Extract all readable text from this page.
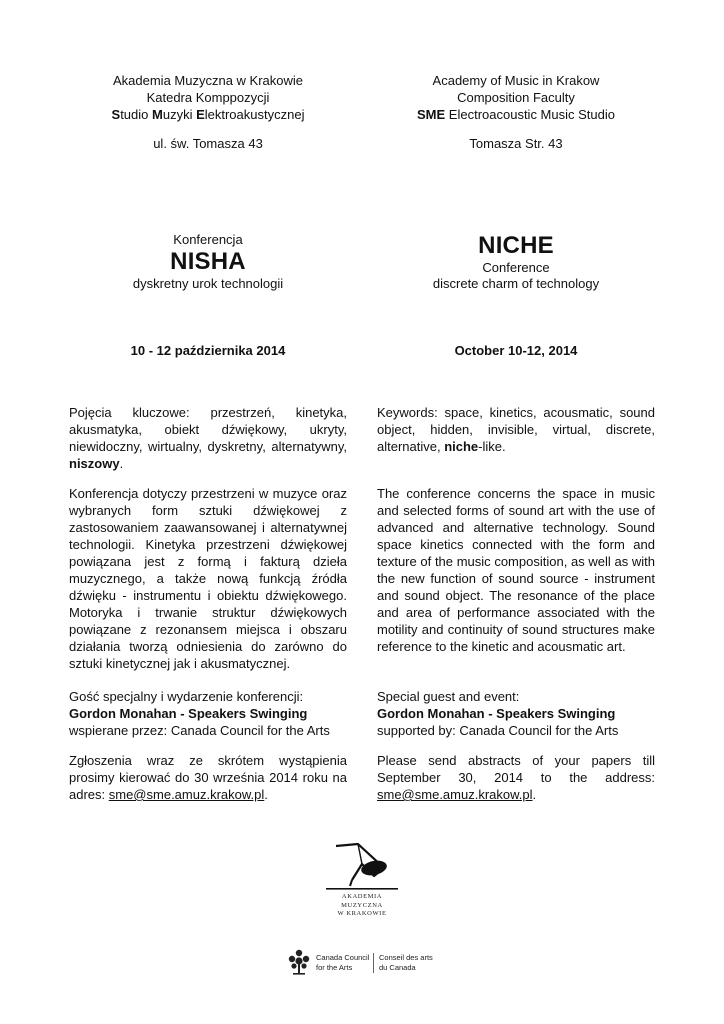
Akademia Muzyczna w Krakowie
Katedra Komppozycji
Studio Muzyki Elektroakustycznej
Academy of Music in Krakow
Composition Faculty
SME Electroacoustic Music Studio
ul. św. Tomasza 43	Tomasza Str. 43
Konferencja
NISHA
dyskretny urok technologii
NICHE
Conference
discrete charm of technology
10 - 12 października 2014	October 10-12, 2014

Pojęcia kluczowe: przestrzeń, kinetyka, akusmatyka, obiekt dźwiękowy, ukryty, niewidoczny, wirtualny, dyskretny, alternatywny, niszowy.

Konferencja dotyczy przestrzeni w muzyce oraz wybranych form sztuki dźwiękowej z zastosowaniem zaawansowanej i alternatywnej technologii. Kinetyka przestrzeni dźwiękowej powiązana jest z formą i fakturą dzieła muzycznego, a także nową funkcją źródła dźwięku - instrumentu i obiektu dźwiękowego. Motoryka i trwanie struktur dźwiękowych powiązane z rezonansem miejsca i obszaru działania tworzą odniesienia do zarówno do sztuki kinetycznej jak i akusmatycznej.

Gość specjalny i wydarzenie konferencji:
Gordon Monahan - Speakers Swinging
wspierane przez: Canada Council for the Arts

Zgłoszenia wraz ze skrótem wystąpienia prosimy kierować do 30 września 2014 roku na adres: sme@sme.amuz.krakow.pl.

Keywords: space, kinetics, acousmatic, sound object, hidden, invisible, virtual, discrete, alternative, niche-like.

The conference concerns the space in music and selected forms of sound art with the use of advanced and alternative technology. Sound space kinetics connected with the form and texture of the music composition, as well as with the new function of sound source - instrument and sound object. The resonance of the place and area of performance associated with the motility and continuity of sound structures make reference to the kinetic and acousmatic art.

Special guest and event:
Gordon Monahan - Speakers Swinging
supported by: Canada Council for the Arts

Please send abstracts of your papers till September 30, 2014 to the address: sme@sme.amuz.krakow.pl.

AKADEMIA
MUZYCZNA
W KRAKOWIE
Canada Council
for the Arts
Conseil des arts
du Canada
